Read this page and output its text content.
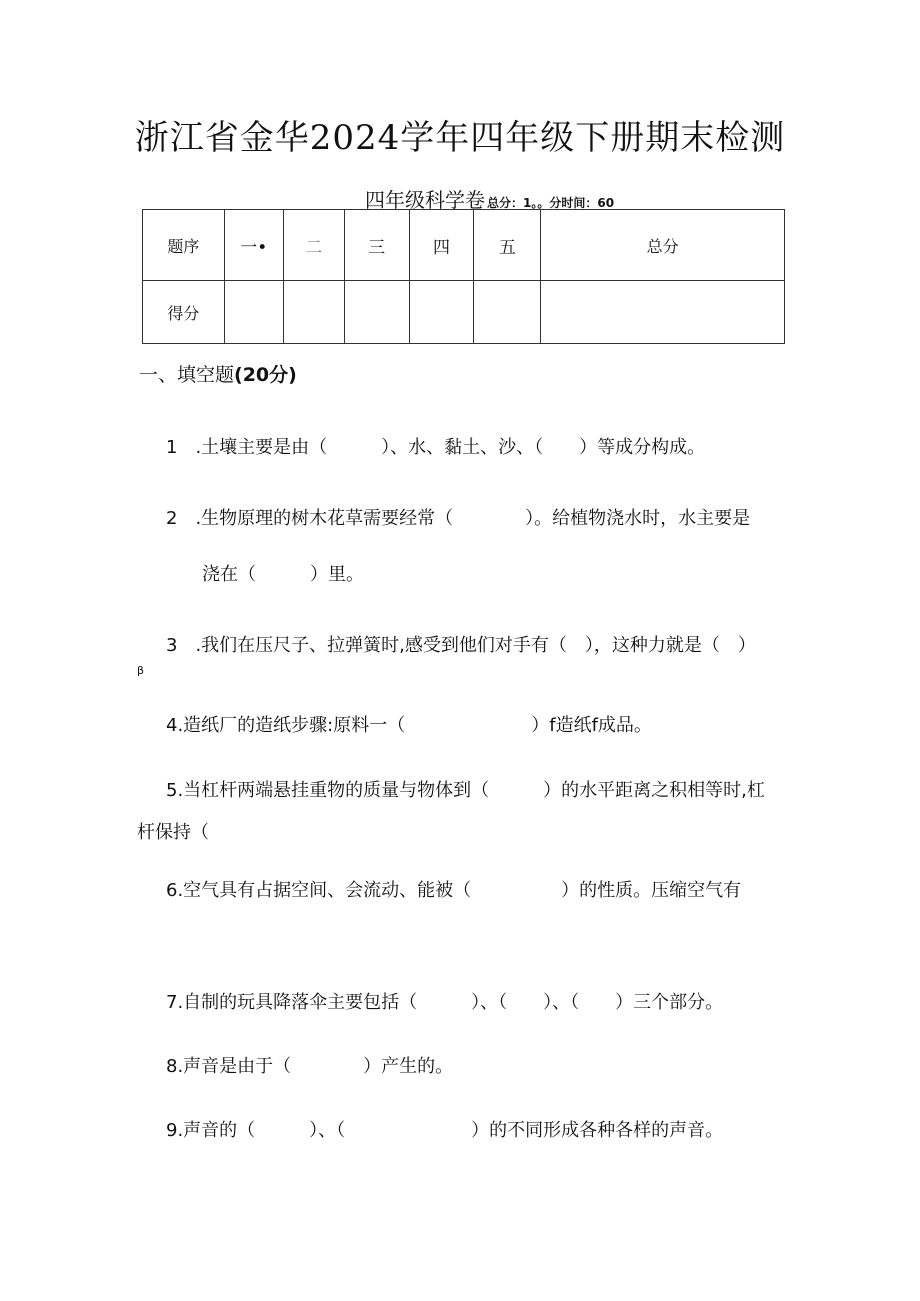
浙江省金华2024学年四年级下册期末检测
四年级科学卷 总分：1。。分时间：60
题序	一•	二	三	四	五	总分
得分						
一、填空题(20分)
1　.土壤主要是由（　　　）、水、黏土、沙、（　　）等成分构成。
2　.生物原理的树木花草需要经常（　　　　）。给植物浇水时，水主要是
浇在（　　　）里。
3　.我们在压尺子、拉弹簧时,感受到他们对手有（　），这种力就是（　）
β
4.造纸厂的造纸步骤:原料一（　　　　　　　）f造纸f成品。
5.当杠杆两端悬挂重物的质量与物体到（　　　）的水平距离之积相等时,杠
杆保持（
6.空气具有占据空间、会流动、能被（　　　　　）的性质。压缩空气有
7.自制的玩具降落伞主要包括（　　　）、（　　）、（　　）三个部分。
8.声音是由于（　　　　）产生的。
9.声音的（　　　）、（　　　　　　　）的不同形成各种各样的声音。
